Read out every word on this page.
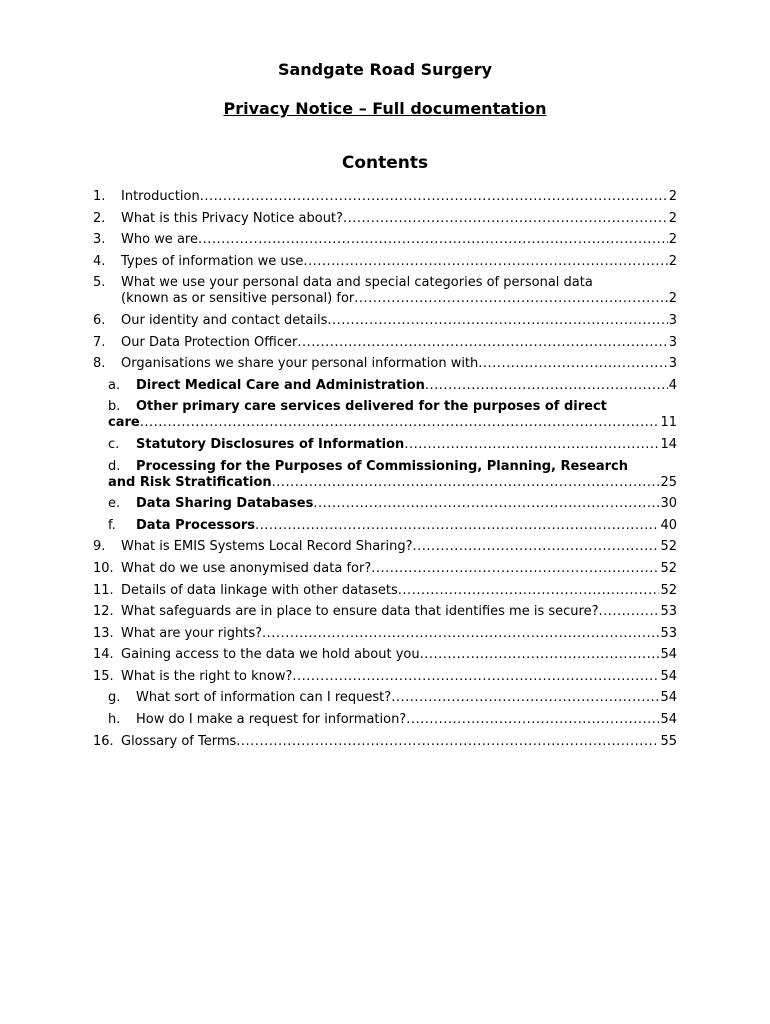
Sandgate Road Surgery
Privacy Notice – Full documentation
Contents
1. Introduction .....	2
2. What is this Privacy Notice about? .....	2
3. Who we are .....	2
4. Types of information we use .....	2
5. What we use your personal data and special categories of personal data
(known as or sensitive personal) for .....	2
6. Our identity and contact details .....	3
7. Our Data Protection Officer .....	3
8. Organisations we share your personal information with .....	3
a. Direct Medical Care and Administration .....	4
b. Other primary care services delivered for the purposes of direct
care .....	11
c. Statutory Disclosures of Information .....	14
d. Processing for the Purposes of Commissioning, Planning, Research
and Risk Stratification .....	25
e. Data Sharing Databases .....	30
f. Data Processors .....	40
9. What is EMIS Systems Local Record Sharing? .....	52
10. What do we use anonymised data for? .....	52
11. Details of data linkage with other datasets .....	52
12. What safeguards are in place to ensure data that identifies me is secure? .....	53
13. What are your rights? .....	53
14. Gaining access to the data we hold about you .....	54
15. What is the right to know? .....	54
g. What sort of information can I request? .....	54
h. How do I make a request for information? .....	54
16. Glossary of Terms .....	55
